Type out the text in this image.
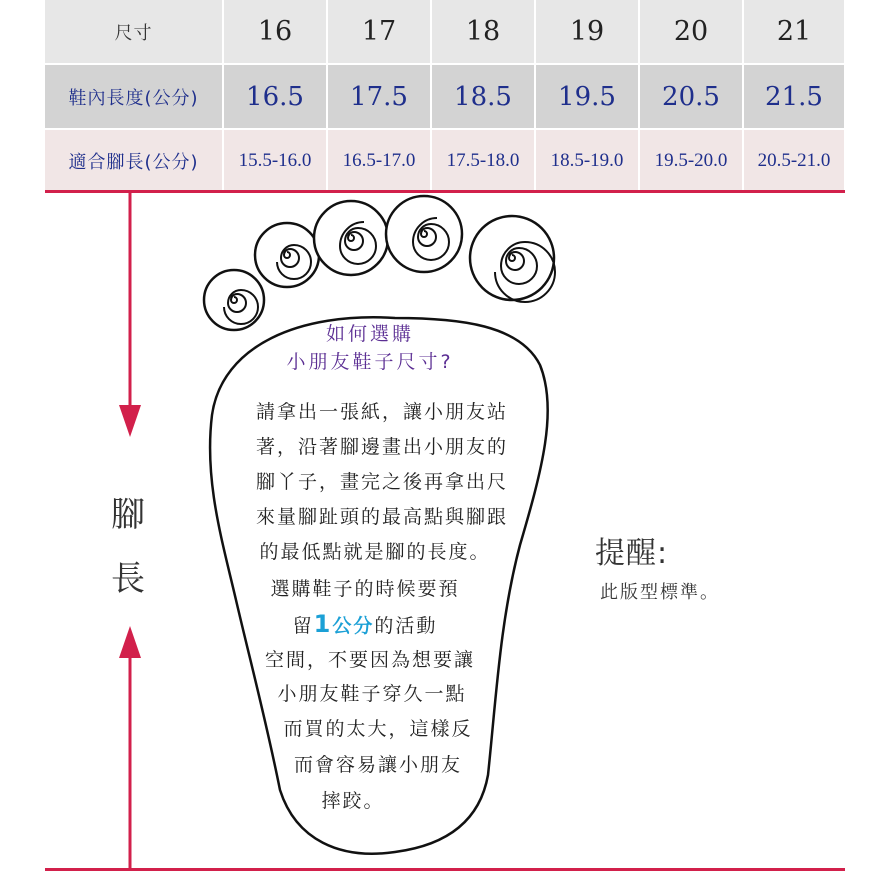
尺寸	16	17	18	19	20	21
鞋內長度(公分)	16.5	17.5	18.5	19.5	20.5	21.5
適合腳長(公分)	15.5-16.0	16.5-17.0	17.5-18.0	18.5-19.0	19.5-20.0	20.5-21.0
腳
長
如何選購
小朋友鞋子尺寸?
請拿出一張紙，讓小朋友站
著，沿著腳邊畫出小朋友的
腳丫子，畫完之後再拿出尺
來量腳趾頭的最高點與腳跟
的最低點就是腳的長度。
選購鞋子的時候要預
留1公分的活動
空間，不要因為想要讓
小朋友鞋子穿久一點
而買的太大，這樣反
而會容易讓小朋友
摔跤。
提醒:
此版型標準。
